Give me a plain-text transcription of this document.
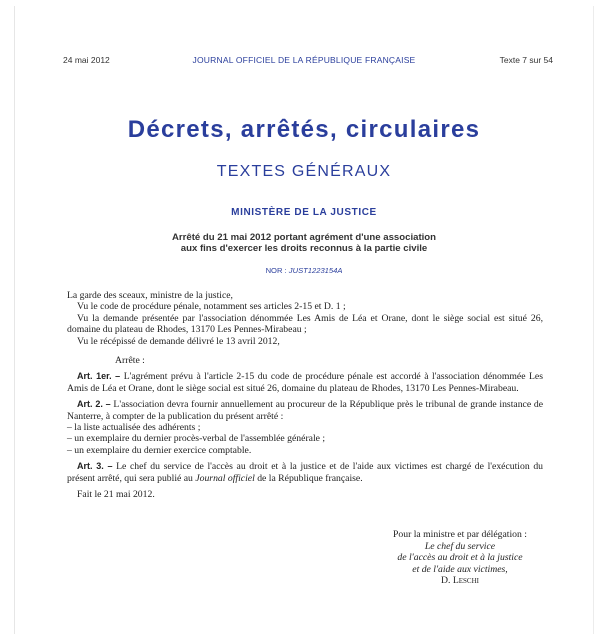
24 mai 2012	JOURNAL OFFICIEL DE LA RÉPUBLIQUE FRANÇAISE	Texte 7 sur 54
Décrets, arrêtés, circulaires
TEXTES GÉNÉRAUX
MINISTÈRE DE LA JUSTICE
Arrêté du 21 mai 2012 portant agrément d'une association
aux fins d'exercer les droits reconnus à la partie civile
NOR : JUST1223154A

La garde des sceaux, ministre de la justice,

Vu le code de procédure pénale, notamment ses articles 2-15 et D. 1 ;

Vu la demande présentée par l'association dénommée Les Amis de Léa et Orane, dont le siège social est situé 26, domaine du plateau de Rhodes, 13170 Les Pennes-Mirabeau ;

Vu le récépissé de demande délivré le 13 avril 2012,

Arrête :

Art. 1er. – L'agrément prévu à l'article 2-15 du code de procédure pénale est accordé à l'association dénommée Les Amis de Léa et Orane, dont le siège social est situé 26, domaine du plateau de Rhodes, 13170 Les Pennes-Mirabeau.

Art. 2. – L'association devra fournir annuellement au procureur de la République près le tribunal de grande instance de Nanterre, à compter de la publication du présent arrêté :

– la liste actualisée des adhérents ;

– un exemplaire du dernier procès-verbal de l'assemblée générale ;

– un exemplaire du dernier exercice comptable.

Art. 3. – Le chef du service de l'accès au droit et à la justice et de l'aide aux victimes est chargé de l'exécution du présent arrêté, qui sera publié au Journal officiel de la République française.

Fait le 21 mai 2012.

Pour la ministre et par délégation :

Le chef du service

de l'accès au droit et à la justice

et de l'aide aux victimes,

D. Leschi
